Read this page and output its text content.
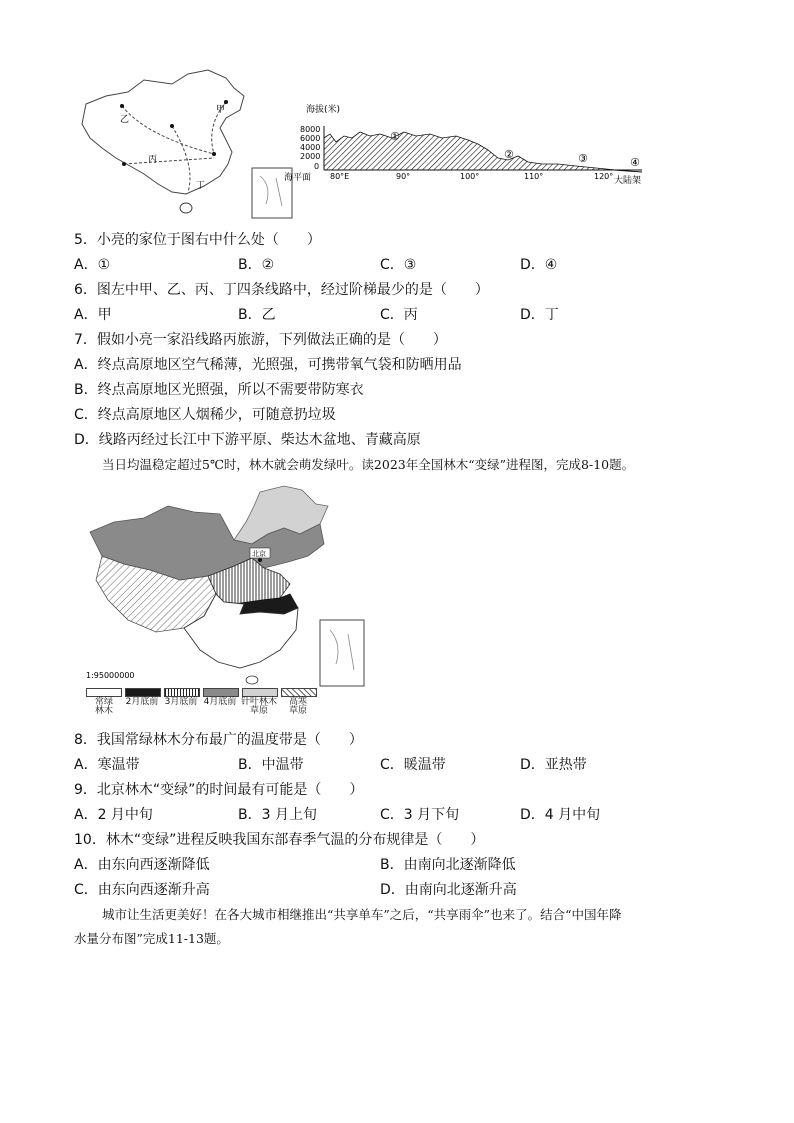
甲
乙
丙
丁
海拔(米)
8000
6000
4000
2000
0
①
②	③	④
海平面 80°E	90°	100°	110°	120° 大陆架
5．小亮的家位于图右中什么处（　　）
A．①	B．②	C．③	D．④
6．图左中甲、乙、丙、丁四条线路中，经过阶梯最少的是（　　）
A．甲	B．乙	C．丙	D．丁
7．假如小亮一家沿线路丙旅游，下列做法正确的是（　　）
A．终点高原地区空气稀薄，光照强，可携带氧气袋和防晒用品
B．终点高原地区光照强，所以不需要带防寒衣
C．终点高原地区人烟稀少，可随意扔垃圾
D．线路丙经过长江中下游平原、柴达木盆地、青藏高原
当日均温稳定超过5℃时，林木就会萌发绿叶。读2023年全国林木“变绿”进程图，完成8-10题。
北京
1:95000000
常绿
林木
2月底前 3月底前 4月底前 针叶林木
草原
高寒
草原
8．我国常绿林木分布最广的温度带是（　　）
A．寒温带	B．中温带	C．暖温带	D．亚热带
9．北京林木“变绿”的时间最有可能是（　　）
A．2 月中旬	B．3 月上旬	C．3 月下旬	D．4 月中旬
10．林木“变绿”进程反映我国东部春季气温的分布规律是（　　）
A．由东向西逐渐降低	B．由南向北逐渐降低
C．由东向西逐渐升高	D．由南向北逐渐升高
城市让生活更美好！在各大城市相继推出“共享单车”之后，“共享雨伞”也来了。结合“中国年降
水量分布图”完成11-13题。
